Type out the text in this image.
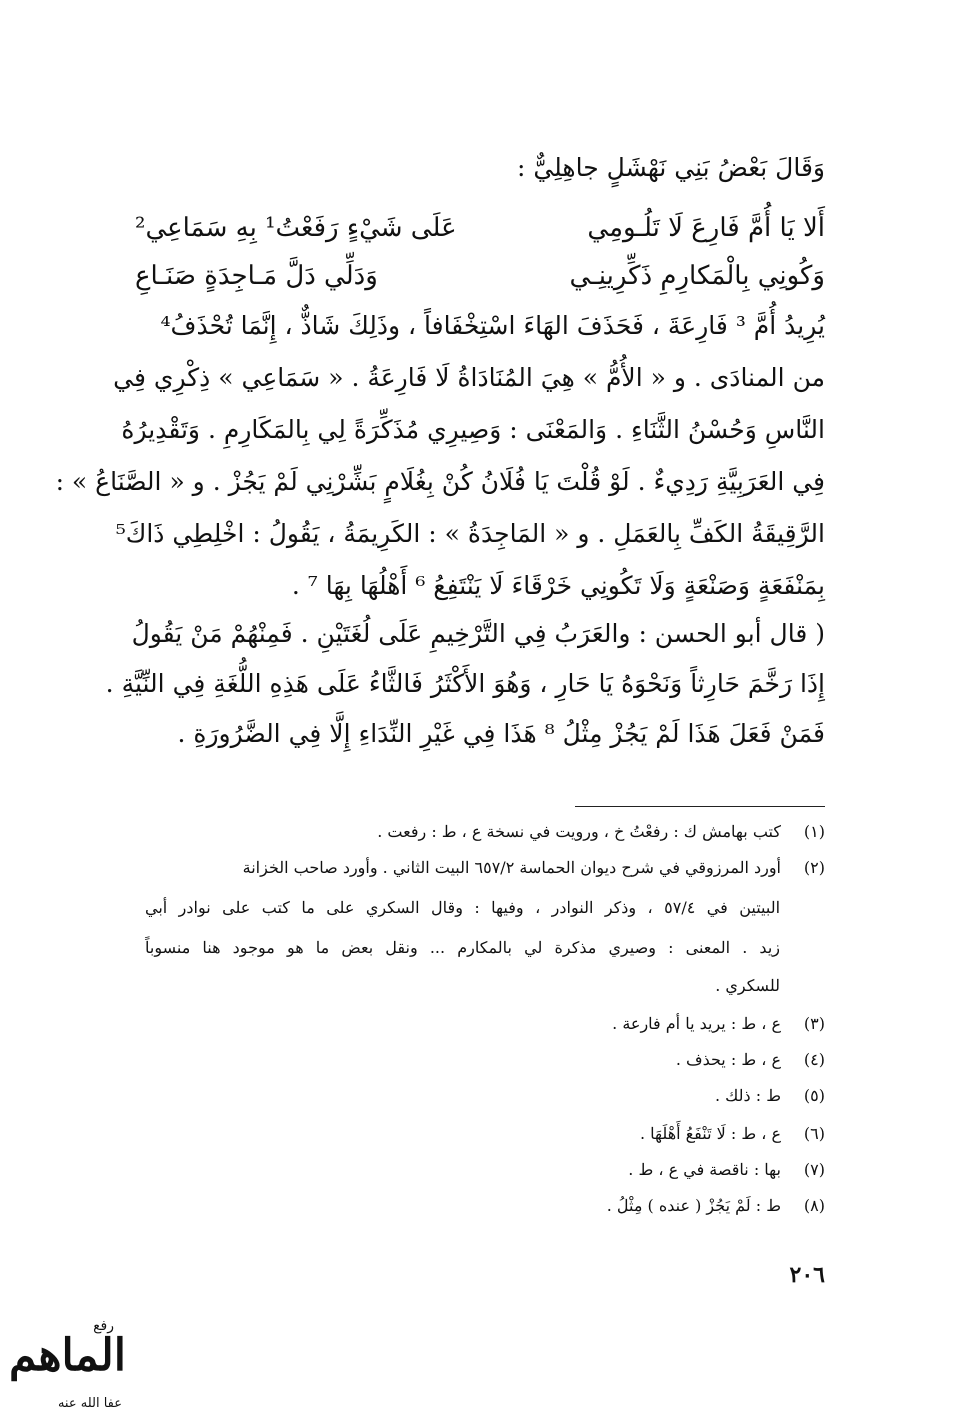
وَقَالَ بَعْضُ بَنِي نَهْشَلٍ جاهِلِيٌّ :
أَلا يَا أُمَّ فَارِعَ لَا تَلُـومِي
عَلَى شَيْءٍ رَفَعْتُ¹ بِهِ سَمَاعِي²
وَكُونِي بِالْمَكارِمِ ذَكِّرِينِـي
وَدَلِّي دَلَّ مَـاجِدَةٍ صَنَـاعِ
يُرِيدُ أُمَّ ³ فَارِعَةَ ، فَحَذَفَ الهَاءَ اسْتِخْفَافاً ، وذَلِكَ شَاذٌّ ، إِنَّمَا تُحْذَفُ⁴
من المنادَى . و « الأُمُّ » هِيَ المُنَادَاةُ لَا فَارِعَةُ . « سَمَاعِي » ذِكْرِي فِي
النَّاسِ وَحُسْنُ الثَّنَاءِ . وَالمَعْنَى : وَصِيرِي مُذَكِّرَةً لِي بِالمَكَارِمِ . وَتَقْدِيرُهُ
فِي العَرَبِيَّةِ رَدِيءٌ . لَوْ قُلْتَ يَا فُلَانُ كُنْ بِغُلَامٍ بَشِّرْنِي لَمْ يَجُزْ . و « الصَّنَاعُ » :
الرَّقِيقَةُ الكَفِّ بِالعَمَلِ . و « المَاجِدَةُ » : الكَرِيمَةُ ، يَقُولُ : اخْلِطِي ذَاكَ⁵
بِمَنْفَعَةٍ وَصَنْعَةٍ وَلَا تَكُونِي خَرْقَاءَ لَا يَنْتَفِعُ ⁶ أَهْلُهَا بِهَا ⁷ .
( قال أبو الحسن : والعَرَبُ فِي التَّرْخِيمِ عَلَى لُغَتَيْنِ . فَمِنْهُمْ مَنْ يَقُولُ
إِذَا رَخَّمَ حَارِثاً وَنَحْوَهُ يَا حَارِ ، وَهُوَ الأَكْثَرُ فَالثَّاءُ عَلَى هَذِهِ اللُّغَةِ فِي النِّيَّةِ .
فَمَنْ فَعَلَ هَذَا لَمْ يَجُزْ مِثْلُ ⁸ هَذَا فِي غَيْرِ النِّدَاءِ إِلَّا فِي الضَّرُورَةِ .
(١)كتب بهامش ك : رفعْتُ خ ، ورويت في نسخة ع ، ط : رفعت .
(٢)أورد المرزوقي في شرح ديوان الحماسة ٦٥٧/٢ البيت الثاني . وأورد صاحب الخزانة
البيتين في ٥٧/٤ ، وذكر النوادر ، وفيها : وقال السكري على ما كتب على نوادر أبي
زيد . المعنى : وصيري مذكرة لي بالمكارم ... ونقل بعض ما هو موجود هنا منسوباً
للسكري .
(٣)ع ، ط : يريد يا أم فارعة .
(٤)ع ، ط : يحذف .
(٥)ط : ذلك .
(٦)ع ، ط : لَا تَنْفَعُ أَهْلَهَا .
(٧)بها : ناقصة في ع ، ط .
(٨)ط : لَمْ يَجُزْ ( عنده ) مِثْلُ .
٢٠٦
رفع
الماهم
عفا الله عنه
